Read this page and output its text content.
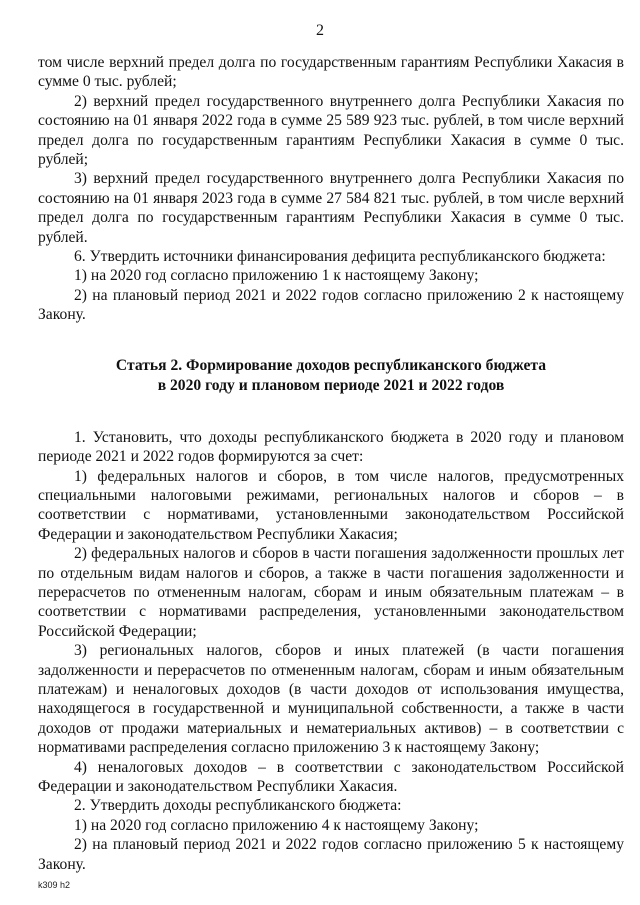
2

том числе верхний предел долга по государственным гарантиям Республики Хакасия в сумме 0 тыс. рублей;

2) верхний предел государственного внутреннего долга Республики Хакасия по состоянию на 01 января 2022 года в сумме 25 589 923 тыс. рублей, в том числе верхний предел долга по государственным гарантиям Республики Хакасия в сумме 0 тыс. рублей;

3) верхний предел государственного внутреннего долга Республики Хакасия по состоянию на 01 января 2023 года в сумме 27 584 821 тыс. рублей, в том числе верхний предел долга по государственным гарантиям Республики Хакасия в сумме 0 тыс. рублей.

6. Утвердить источники финансирования дефицита республиканского бюджета:

1) на 2020 год согласно приложению 1 к настоящему Закону;

2) на плановый период 2021 и 2022 годов согласно приложению 2 к настоящему Закону.

Статья 2. Формирование доходов республиканского бюджета
в 2020 году и плановом периоде 2021 и 2022 годов

1. Установить, что доходы республиканского бюджета в 2020 году и плановом периоде 2021 и 2022 годов формируются за счет:

1) федеральных налогов и сборов, в том числе налогов, предусмотренных специальными налоговыми режимами, региональных налогов и сборов – в соответствии с нормативами, установленными законодательством Российской Федерации и законодательством Республики Хакасия;

2) федеральных налогов и сборов в части погашения задолженности прошлых лет по отдельным видам налогов и сборов, а также в части погашения задолженности и перерасчетов по отмененным налогам, сборам и иным обязательным платежам – в соответствии с нормативами распределения, установленными законодательством Российской Федерации;

3) региональных налогов, сборов и иных платежей (в части погашения задолженности и перерасчетов по отмененным налогам, сборам и иным обязательным платежам) и неналоговых доходов (в части доходов от использования имущества, находящегося в государственной и муниципальной собственности, а также в части доходов от продажи материальных и нематериальных активов) – в соответствии с нормативами распределения согласно приложению 3 к настоящему Закону;

4) неналоговых доходов – в соответствии с законодательством Российской Федерации и законодательством Республики Хакасия.

2. Утвердить доходы республиканского бюджета:

1) на 2020 год согласно приложению 4 к настоящему Закону;

2) на плановый период 2021 и 2022 годов согласно приложению 5 к настоящему Закону.

k309 h2
